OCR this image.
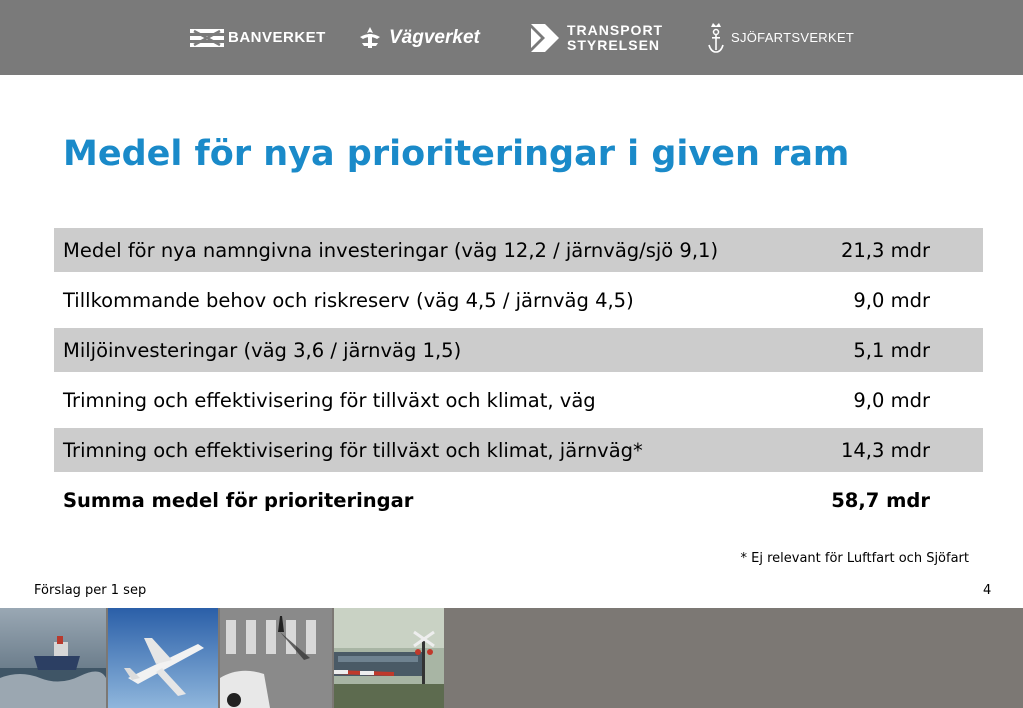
BANVERKET	Vägverket	TRANSPORT
STYRELSEN	SJÖFARTSVERKET
Medel för nya prioriteringar i given ram
Medel för nya namngivna investeringar (väg 12,2 / järnväg/sjö 9,1)	21,3 mdr
Tillkommande behov och riskreserv (väg 4,5 / järnväg 4,5)	9,0 mdr
Miljöinvesteringar (väg 3,6 / järnväg 1,5)	5,1 mdr
Trimning och effektivisering för tillväxt och klimat, väg	9,0 mdr
Trimning och effektivisering för tillväxt och klimat, järnväg*	14,3 mdr
Summa medel för prioriteringar	58,7 mdr
* Ej relevant för Luftfart och Sjöfart
Förslag per 1 sep	4
